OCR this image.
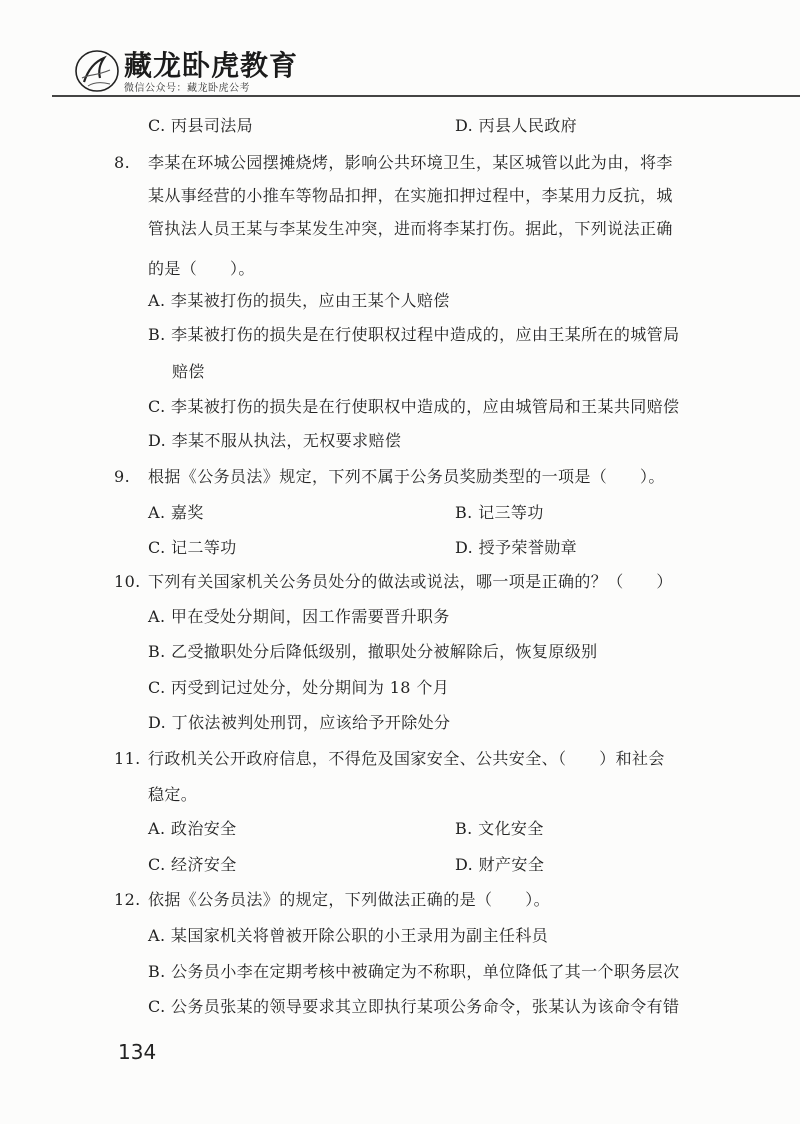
藏龙卧虎教育
微信公众号：藏龙卧虎公考
C. 丙县司法局	D. 丙县人民政府
8. 李某在环城公园摆摊烧烤，影响公共环境卫生，某区城管以此为由，将李
某从事经营的小推车等物品扣押，在实施扣押过程中，李某用力反抗，城
管执法人员王某与李某发生冲突，进而将李某打伤。据此，下列说法正确
的是（　　）。
A. 李某被打伤的损失，应由王某个人赔偿
B. 李某被打伤的损失是在行使职权过程中造成的，应由王某所在的城管局
赔偿
C. 李某被打伤的损失是在行使职权中造成的，应由城管局和王某共同赔偿
D. 李某不服从执法，无权要求赔偿
9. 根据《公务员法》规定，下列不属于公务员奖励类型的一项是（　　）。
A. 嘉奖	B. 记三等功
C. 记二等功	D. 授予荣誉勋章
10. 下列有关国家机关公务员处分的做法或说法，哪一项是正确的？（　　）
A. 甲在受处分期间，因工作需要晋升职务
B. 乙受撤职处分后降低级别，撤职处分被解除后，恢复原级别
C. 丙受到记过处分，处分期间为 18 个月
D. 丁依法被判处刑罚，应该给予开除处分
11. 行政机关公开政府信息，不得危及国家安全、公共安全、（　　）和社会
稳定。
A. 政治安全	B. 文化安全
C. 经济安全	D. 财产安全
12. 依据《公务员法》的规定，下列做法正确的是（　　）。
A. 某国家机关将曾被开除公职的小王录用为副主任科员
B. 公务员小李在定期考核中被确定为不称职，单位降低了其一个职务层次
C. 公务员张某的领导要求其立即执行某项公务命令，张某认为该命令有错
134
